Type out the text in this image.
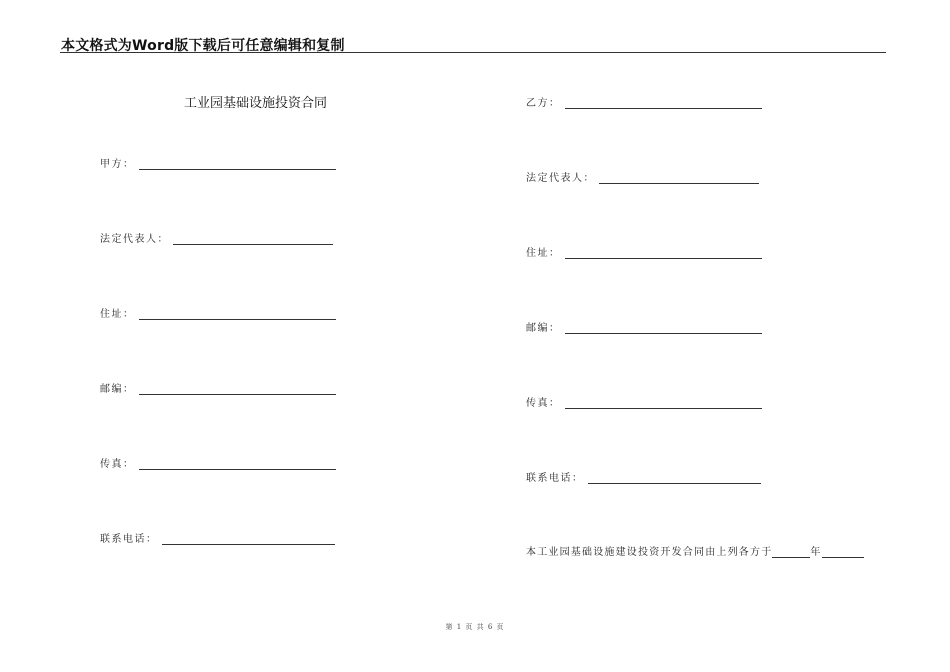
本文格式为Word版下载后可任意编辑和复制
工业园基础设施投资合同
甲方：
法定代表人：
住址：
邮编：
传真：
联系电话：
乙方：
法定代表人：
住址：
邮编：
传真：
联系电话：
本工业园基础设施建设投资开发合同由上列各方于	年
第 1 页 共 6 页
